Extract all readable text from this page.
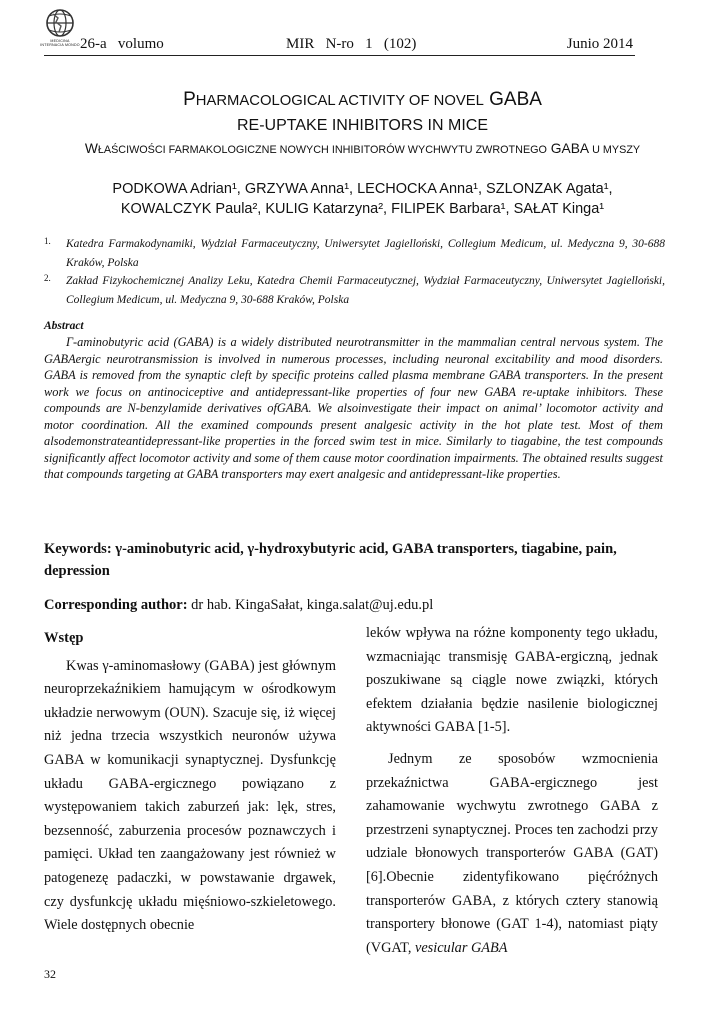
MEDICINA INTERNACIA MONDO 26-a   volumo	MIR   N-ro   1   (102)	Junio 2014
PHARMACOLOGICAL ACTIVITY OF NOVEL GABA
RE-UPTAKE INHIBITORS IN MICE
WŁAŚCIWOŚCI FARMAKOLOGICZNE NOWYCH INHIBITORÓW WYCHWYTU ZWROTNEGO GABA U MYSZY
PODKOWA Adrian¹, GRZYWA Anna¹, LECHOCKA Anna¹, SZLONZAK Agata¹,
KOWALCZYK Paula², KULIG Katarzyna², FILIPEK Barbara¹, SAŁAT Kinga¹
1. Katedra Farmakodynamiki, Wydział Farmaceutyczny, Uniwersytet Jagielloński, Collegium Medicum, ul. Medyczna 9, 30-688 Kraków, Polska
2. Zakład Fizykochemicznej Analizy Leku, Katedra Chemii Farmaceutycznej, Wydział Farmaceutyczny, Uniwersytet Jagielloński, Collegium Medicum, ul. Medyczna 9, 30-688 Kraków, Polska
Abstract
Γ-aminobutyric acid (GABA) is a widely distributed neurotransmitter in the mammalian central nervous system. The GABAergic neurotransmission is involved in numerous processes, including neuronal excitability and mood disorders. GABA is removed from the synaptic cleft by specific proteins called plasma membrane GABA transporters. In the present work we focus on antinociceptive and antidepressant-like properties of four new GABA re-uptake inhibitors. These compounds are N-benzylamide derivatives ofGABA. We alsoinvestigate their impact on animal’ locomotor activity and motor coordination. All the examined compounds present analgesic activity in the hot plate test. Most of them alsodemonstrateantidepressant-like properties in the forced swim test in mice. Similarly to tiagabine, the test compounds significantly affect locomotor activity and some of them cause motor coordination impairments. The obtained results suggest that compounds targeting at GABA transporters may exert analgesic and antidepressant-like properties.
Keywords: γ-aminobutyric acid, γ-hydroxybutyric acid, GABA transporters, tiagabine, pain, depression
Corresponding author: dr hab. KingaSałat, kinga.salat@uj.edu.pl
Wstęp

Kwas γ-aminomasłowy (GABA) jest głównym neuroprzekaźnikiem hamującym w ośrodkowym układzie nerwowym (OUN). Szacuje się, iż więcej niż jedna trzecia wszystkich neuronów używa GABA w komunikacji synaptycznej. Dysfunkcję układu GABA-ergicznego powiązano z występowaniem takich zaburzeń jak: lęk, stres, bezsenność, zaburzenia procesów poznawczych i pamięci. Układ ten zaangażowany jest również w patogenezę padaczki, w powstawanie drgawek, czy dysfunkcję układu mięśniowo-szkieletowego. Wiele dostępnych obecnie

leków wpływa na różne komponenty tego układu, wzmacniając transmisję GABA-ergiczną, jednak poszukiwane są ciągle nowe związki, których efektem działania będzie nasilenie biologicznej aktywności GABA [1-5].

Jednym ze sposobów wzmocnienia przekaźnictwa GABA-ergicznego jest zahamowanie wychwytu zwrotnego GABA z przestrzeni synaptycznej. Proces ten zachodzi przy udziale błonowych transporterów GABA (GAT)[6].Obecnie zidentyfikowano pięćróżnych transporterów GABA, z których cztery stanowią transportery błonowe (GAT 1-4), natomiast piąty (VGAT, vesicular GABA

32
